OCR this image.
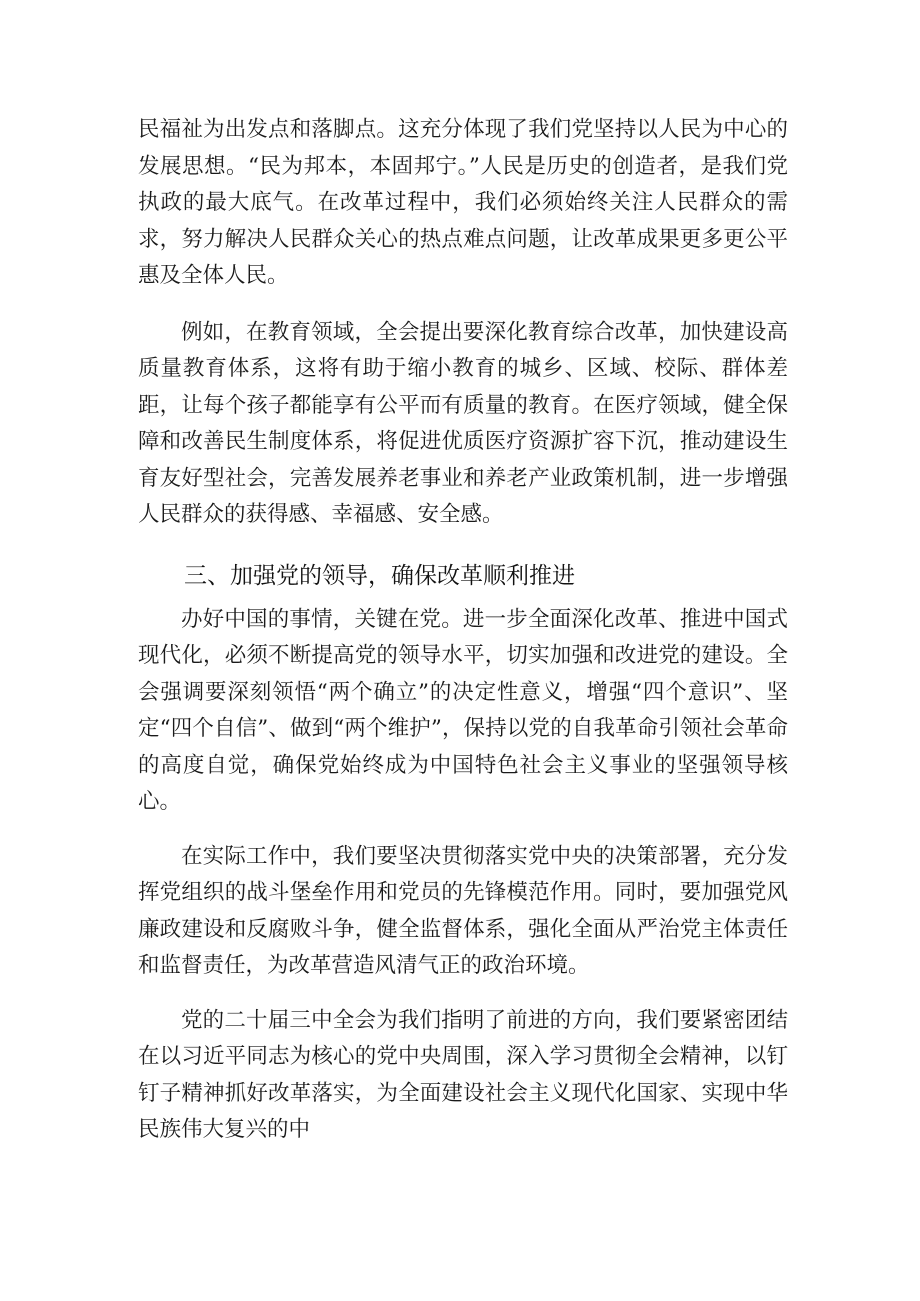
民福祉为出发点和落脚点。这充分体现了我们党坚持以人民为中心的发展思想。“民为邦本，本固邦宁。”人民是历史的创造者，是我们党执政的最大底气。在改革过程中，我们必须始终关注人民群众的需求，努力解决人民群众关心的热点难点问题，让改革成果更多更公平惠及全体人民。

例如，在教育领域，全会提出要深化教育综合改革，加快建设高质量教育体系，这将有助于缩小教育的城乡、区域、校际、群体差距，让每个孩子都能享有公平而有质量的教育。在医疗领域，健全保障和改善民生制度体系，将促进优质医疗资源扩容下沉，推动建设生育友好型社会，完善发展养老事业和养老产业政策机制，进一步增强人民群众的获得感、幸福感、安全感。

三、加强党的领导，确保改革顺利推进

办好中国的事情，关键在党。进一步全面深化改革、推进中国式现代化，必须不断提高党的领导水平，切实加强和改进党的建设。全会强调要深刻领悟“两个确立”的决定性意义，增强“四个意识”、坚定“四个自信”、做到“两个维护”，保持以党的自我革命引领社会革命的高度自觉，确保党始终成为中国特色社会主义事业的坚强领导核心。

在实际工作中，我们要坚决贯彻落实党中央的决策部署，充分发挥党组织的战斗堡垒作用和党员的先锋模范作用。同时，要加强党风廉政建设和反腐败斗争，健全监督体系，强化全面从严治党主体责任和监督责任，为改革营造风清气正的政治环境。

党的二十届三中全会为我们指明了前进的方向，我们要紧密团结在以习近平同志为核心的党中央周围，深入学习贯彻全会精神，以钉钉子精神抓好改革落实，为全面建设社会主义现代化国家、实现中华民族伟大复兴的中
